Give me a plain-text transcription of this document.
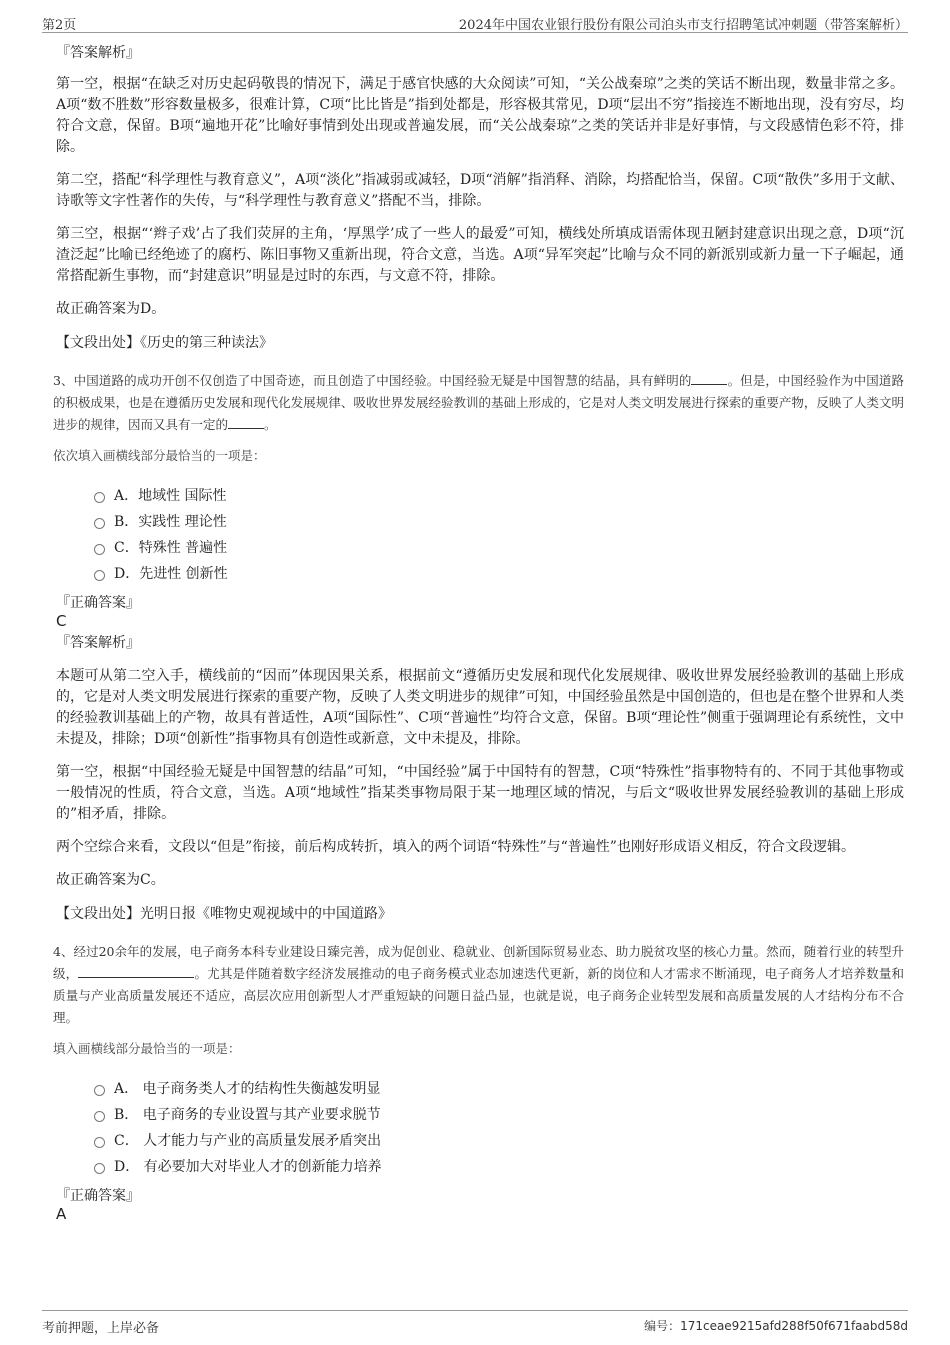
第2页	2024年中国农业银行股份有限公司泊头市支行招聘笔试冲刺题（带答案解析）
『答案解析』

第一空，根据“在缺乏对历史起码敬畏的情况下，满足于感官快感的大众阅读”可知，“关公战秦琼”之类的笑话不断出现，数量非常之多。A项“数不胜数”形容数量极多，很难计算，C项“比比皆是”指到处都是，形容极其常见，D项“层出不穷”指接连不断地出现，没有穷尽，均符合文意，保留。B项“遍地开花”比喻好事情到处出现或普遍发展，而“关公战秦琼”之类的笑话并非是好事情，与文段感情色彩不符，排除。

第二空，搭配“科学理性与教育意义”，A项“淡化”指减弱或减轻，D项“消解”指消释、消除，均搭配恰当，保留。C项“散佚”多用于文献、诗歌等文字性著作的失传，与“科学理性与教育意义”搭配不当，排除。

第三空，根据“‘辫子戏’占了我们荧屏的主角，‘厚黑学’成了一些人的最爱”可知，横线处所填成语需体现丑陋封建意识出现之意，D项“沉渣泛起”比喻已经绝迹了的腐朽、陈旧事物又重新出现，符合文意，当选。A项“异军突起”比喻与众不同的新派别或新力量一下子崛起，通常搭配新生事物，而“封建意识”明显是过时的东西，与文意不符，排除。

故正确答案为D。

【文段出处】《历史的第三种读法》

3、中国道路的成功开创不仅创造了中国奇迹，而且创造了中国经验。中国经验无疑是中国智慧的结晶，具有鲜明的	。但是，中国经验作为中国道路的积极成果，也是在遵循历史发展和现代化发展规律、吸收世界发展经验教训的基础上形成的，它是对人类文明发展进行探索的重要产物，反映了人类文明进步的规律，因而又具有一定的	。

依次填入画横线部分最恰当的一项是：
A．地域性 国际性
B．实践性 理论性
C．特殊性 普遍性
D．先进性 创新性
『正确答案』
C
『答案解析』

本题可从第二空入手，横线前的“因而”体现因果关系，根据前文“遵循历史发展和现代化发展规律、吸收世界发展经验教训的基础上形成的，它是对人类文明发展进行探索的重要产物，反映了人类文明进步的规律”可知，中国经验虽然是中国创造的，但也是在整个世界和人类的经验教训基础上的产物，故具有普适性，A项“国际性”、C项“普遍性”均符合文意，保留。B项“理论性”侧重于强调理论有系统性，文中未提及，排除；D项“创新性”指事物具有创造性或新意，文中未提及，排除。

第一空，根据“中国经验无疑是中国智慧的结晶”可知，“中国经验”属于中国特有的智慧，C项“特殊性”指事物特有的、不同于其他事物或一般情况的性质，符合文意，当选。A项“地域性”指某类事物局限于某一地理区域的情况，与后文“吸收世界发展经验教训的基础上形成的”相矛盾，排除。

两个空综合来看，文段以“但是”衔接，前后构成转折，填入的两个词语“特殊性”与“普遍性”也刚好形成语义相反，符合文段逻辑。

故正确答案为C。

【文段出处】光明日报《唯物史观视域中的中国道路》

4、经过20余年的发展，电子商务本科专业建设日臻完善，成为促创业、稳就业、创新国际贸易业态、助力脱贫攻坚的核心力量。然而，随着行业的转型升级，	。尤其是伴随着数字经济发展推动的电子商务模式业态加速迭代更新，新的岗位和人才需求不断涌现，电子商务人才培养数量和质量与产业高质量发展还不适应，高层次应用创新型人才严重短缺的问题日益凸显，也就是说，电子商务企业转型发展和高质量发展的人才结构分布不合理。

填入画横线部分最恰当的一项是：
A． 电子商务类人才的结构性失衡越发明显
B． 电子商务的专业设置与其产业要求脱节
C． 人才能力与产业的高质量发展矛盾突出
D． 有必要加大对毕业人才的创新能力培养
『正确答案』
A
考前押题，上岸必备	编号：171ceae9215afd288f50f671faabd58d
